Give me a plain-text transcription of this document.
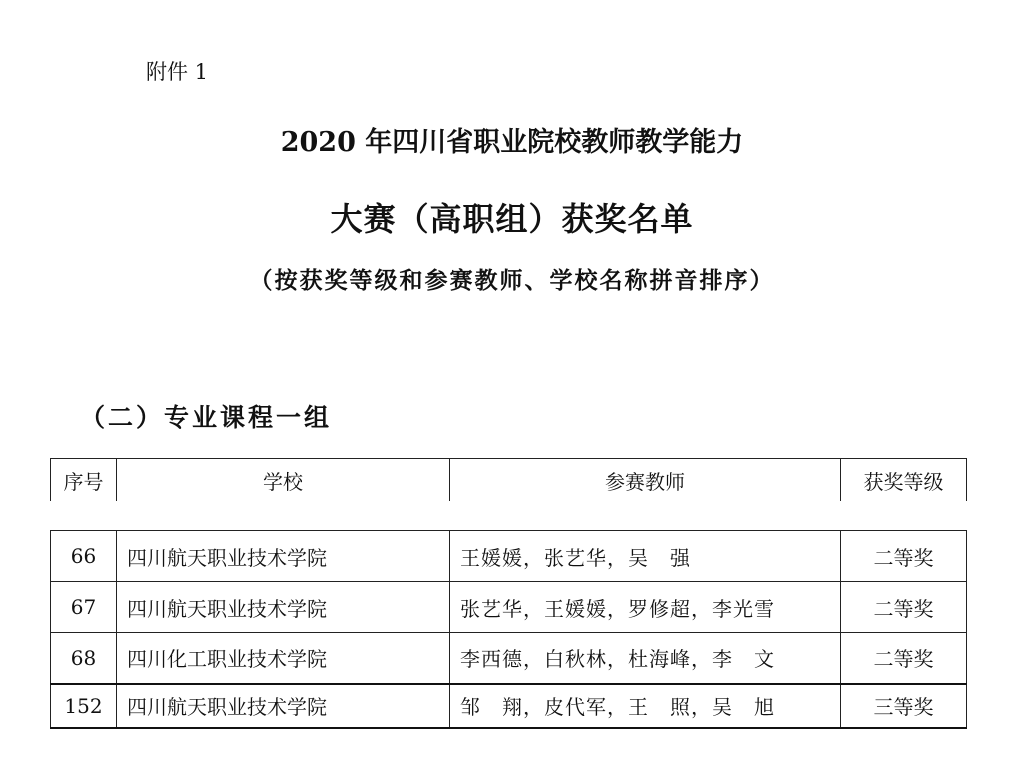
附件 1
2020 年四川省职业院校教师教学能力
大赛（高职组）获奖名单
（按获奖等级和参赛教师、学校名称拼音排序）
（二）专业课程一组
序号	学校	参赛教师	获奖等级
66	四川航天职业技术学院	王媛媛，张艺华，吴　强	二等奖
67	四川航天职业技术学院	张艺华，王媛媛，罗修超，李光雪	二等奖
68	四川化工职业技术学院	李西德，白秋林，杜海峰，李　文	二等奖
152	四川航天职业技术学院	邹　翔，皮代军，王　照，吴　旭	三等奖
